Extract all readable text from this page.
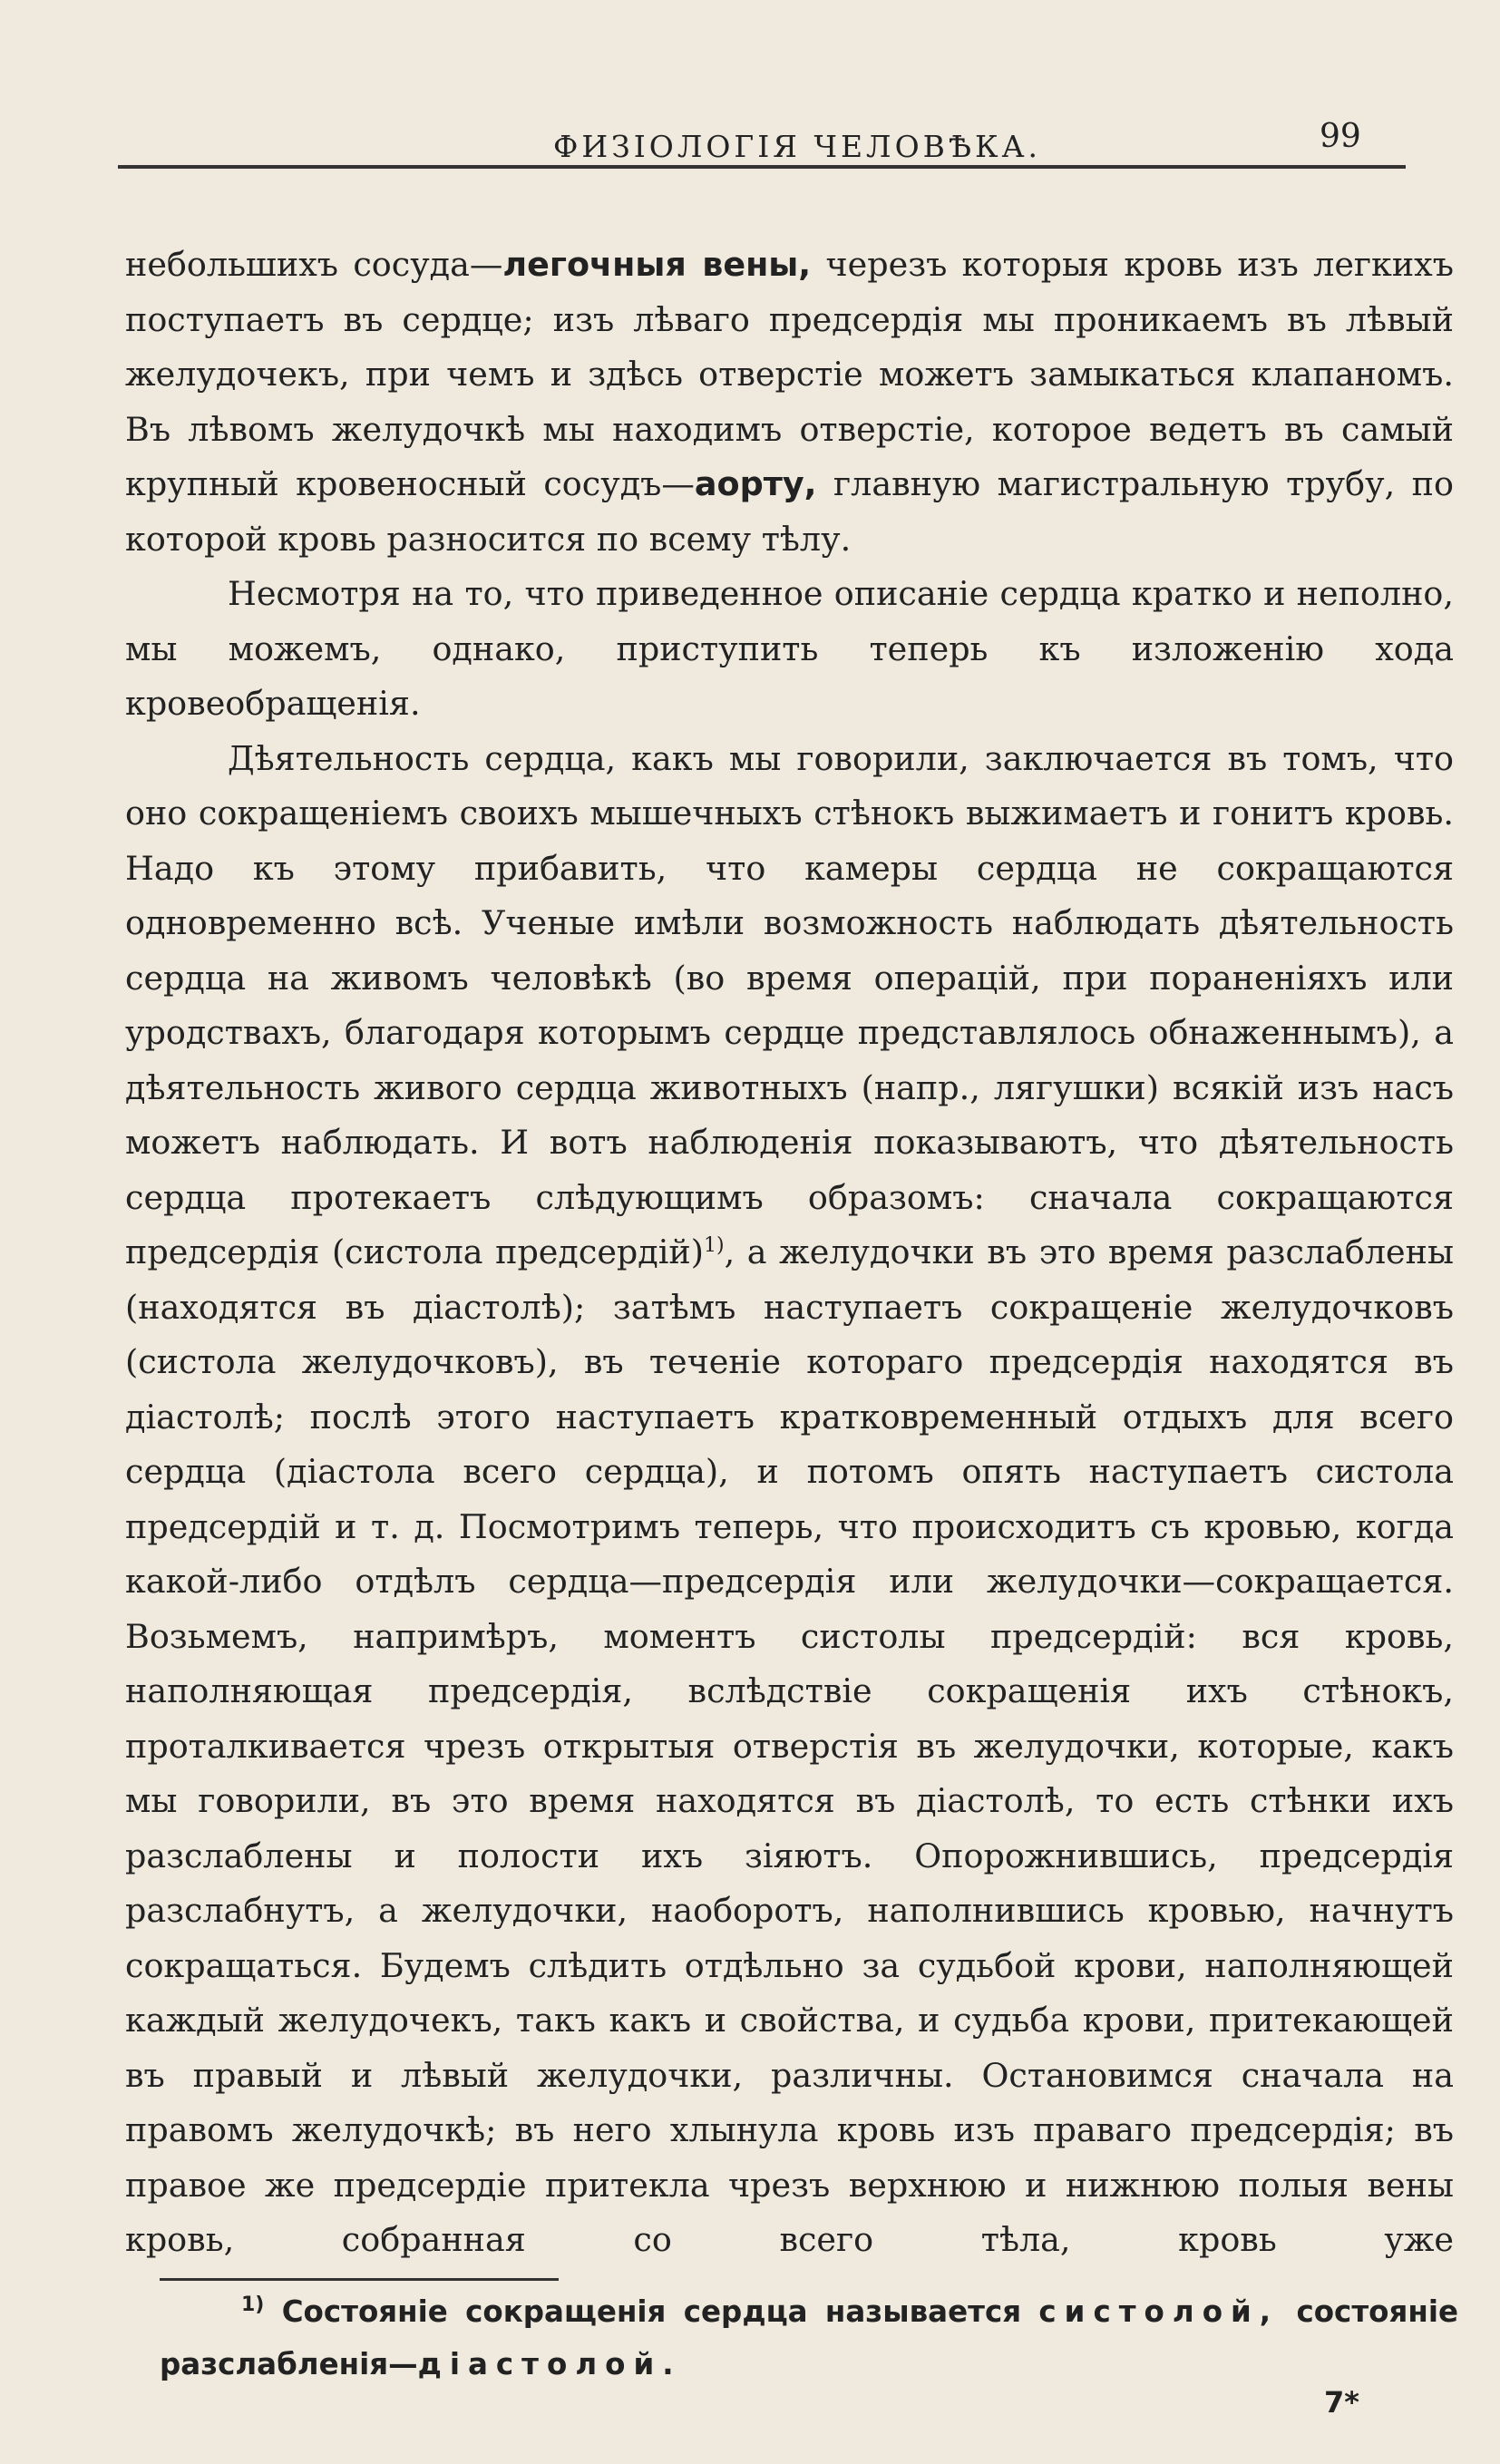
ФИЗІОЛОГІЯ ЧЕЛОВѢКА.	99

небольшихъ сосуда—легочныя вены, черезъ которыя кровь изъ легкихъ поступаетъ въ сердце; изъ лѣваго предсердія мы проникаемъ въ лѣвый желудочекъ, при чемъ и здѣсь отверстіе можетъ замыкаться клапаномъ. Въ лѣвомъ желудочкѣ мы находимъ отверстіе, которое ведетъ въ самый крупный кровеносный сосудъ—аорту, главную магистральную трубу, по которой кровь разносится по всему тѣлу.

Несмотря на то, что приведенное описаніе сердца кратко и неполно, мы можемъ, однако, приступить теперь къ изложенію хода кровеобращенія.

Дѣятельность сердца, какъ мы говорили, заключается въ томъ, что оно сокращеніемъ своихъ мышечныхъ стѣнокъ выжимаетъ и гонитъ кровь. Надо къ этому прибавить, что камеры сердца не сокращаются одновременно всѣ. Ученые имѣли возможность наблюдать дѣятельность сердца на живомъ человѣкѣ (во время операцій, при пораненіяхъ или уродствахъ, благодаря которымъ сердце представлялось обнаженнымъ), а дѣятельность живого сердца животныхъ (напр., лягушки) всякій изъ насъ можетъ наблюдать. И вотъ наблюденія показываютъ, что дѣятельность сердца протекаетъ слѣдующимъ образомъ: сначала сокращаются предсердія (систола предсердій)$^{1)}$, а желудочки въ это время разслаблены (находятся въ діастолѣ); затѣмъ наступаетъ сокращеніе желудочковъ (систола желудочковъ), въ теченіе котораго предсердія находятся въ діастолѣ; послѣ этого наступаетъ кратковременный отдыхъ для всего сердца (діастола всего сердца), и потомъ опять наступаетъ систола предсердій и т. д. Посмотримъ теперь, что происходитъ съ кровью, когда какой-либо отдѣлъ сердца—предсердія или желудочки—сокращается. Возьмемъ, напримѣръ, моментъ систолы предсердій: вся кровь, наполняющая предсердія, вслѣдствіе сокращенія ихъ стѣнокъ, проталкивается чрезъ открытыя отверстія въ желудочки, которые, какъ мы говорили, въ это время находятся въ діастолѣ, то есть стѣнки ихъ разслаблены и полости ихъ зіяютъ. Опорожнившись, предсердія разслабнутъ, а желудочки, наоборотъ, наполнившись кровью, начнутъ сокращаться. Будемъ слѣдить отдѣльно за судьбой крови, наполняющей каждый желудочекъ, такъ какъ и свойства, и судьба крови, притекающей въ правый и лѣвый желудочки, различны. Остановимся сначала на правомъ желудочкѣ; въ него хлынула кровь изъ праваго предсердія; въ правое же предсердіе притекла чрезъ верхнюю и нижнюю полыя вены кровь, собранная со всего тѣла, кровь уже

$^{1)}$ Состояніе сокращенія сердца называется систолой, состояніе разслабленія—діастолой.
7*
